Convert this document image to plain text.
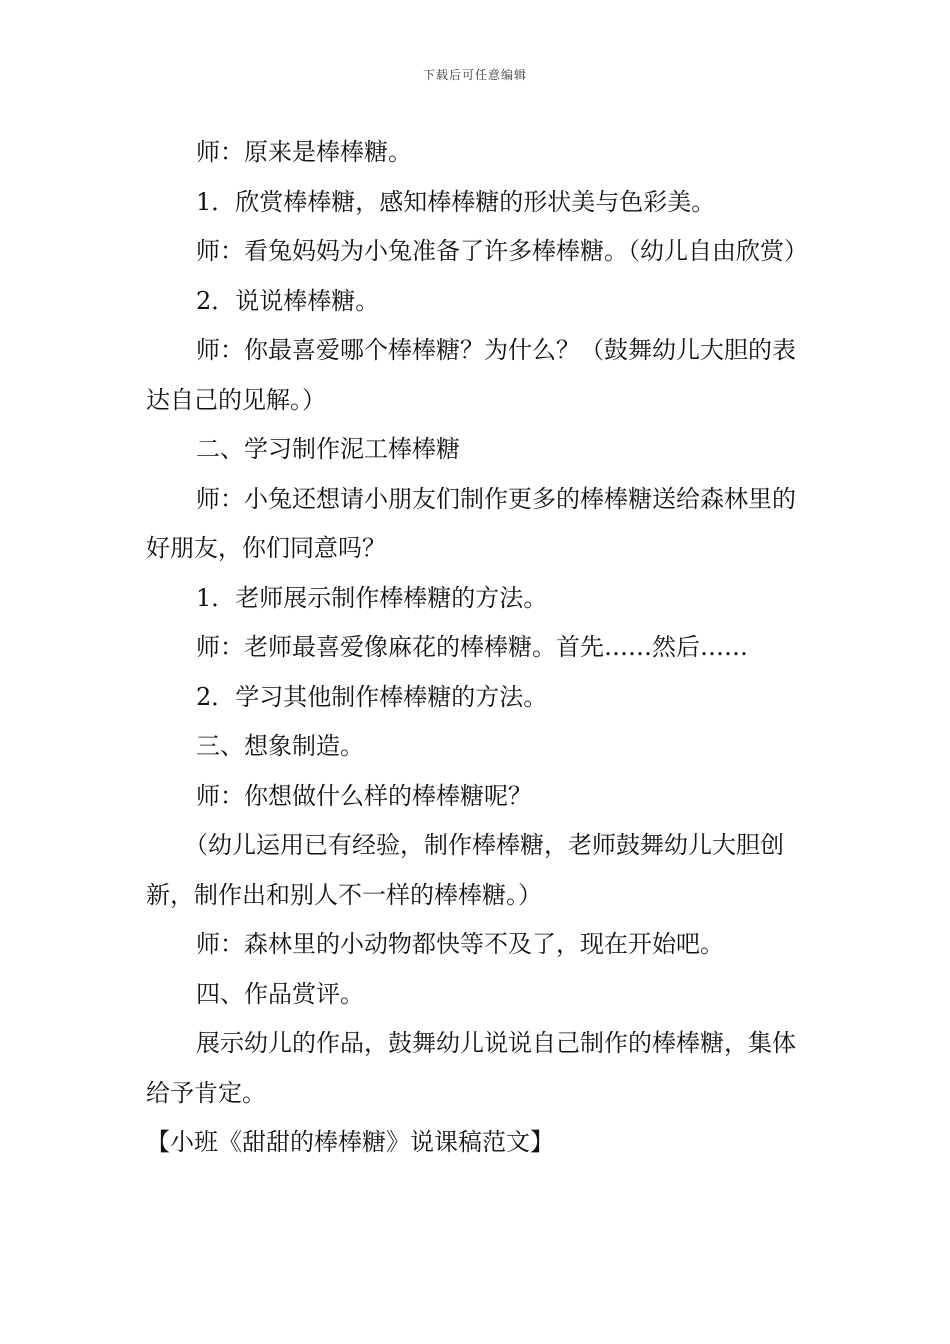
下载后可任意编辑

师：原来是棒棒糖。

1．欣赏棒棒糖，感知棒棒糖的形状美与色彩美。

师：看兔妈妈为小兔准备了许多棒棒糖。（幼儿自由欣赏）

2．说说棒棒糖。

师：你最喜爱哪个棒棒糖？为什么？（鼓舞幼儿大胆的表达自己的见解。）

二、学习制作泥工棒棒糖

师：小兔还想请小朋友们制作更多的棒棒糖送给森林里的好朋友，你们同意吗？

1．老师展示制作棒棒糖的方法。

师：老师最喜爱像麻花的棒棒糖。首先……然后……

2．学习其他制作棒棒糖的方法。

三、想象制造。

师：你想做什么样的棒棒糖呢？

（幼儿运用已有经验，制作棒棒糖，老师鼓舞幼儿大胆创新，制作出和别人不一样的棒棒糖。）

师：森林里的小动物都快等不及了，现在开始吧。

四、作品赏评。

展示幼儿的作品，鼓舞幼儿说说自己制作的棒棒糖，集体给予肯定。

【小班《甜甜的棒棒糖》说课稿范文】
